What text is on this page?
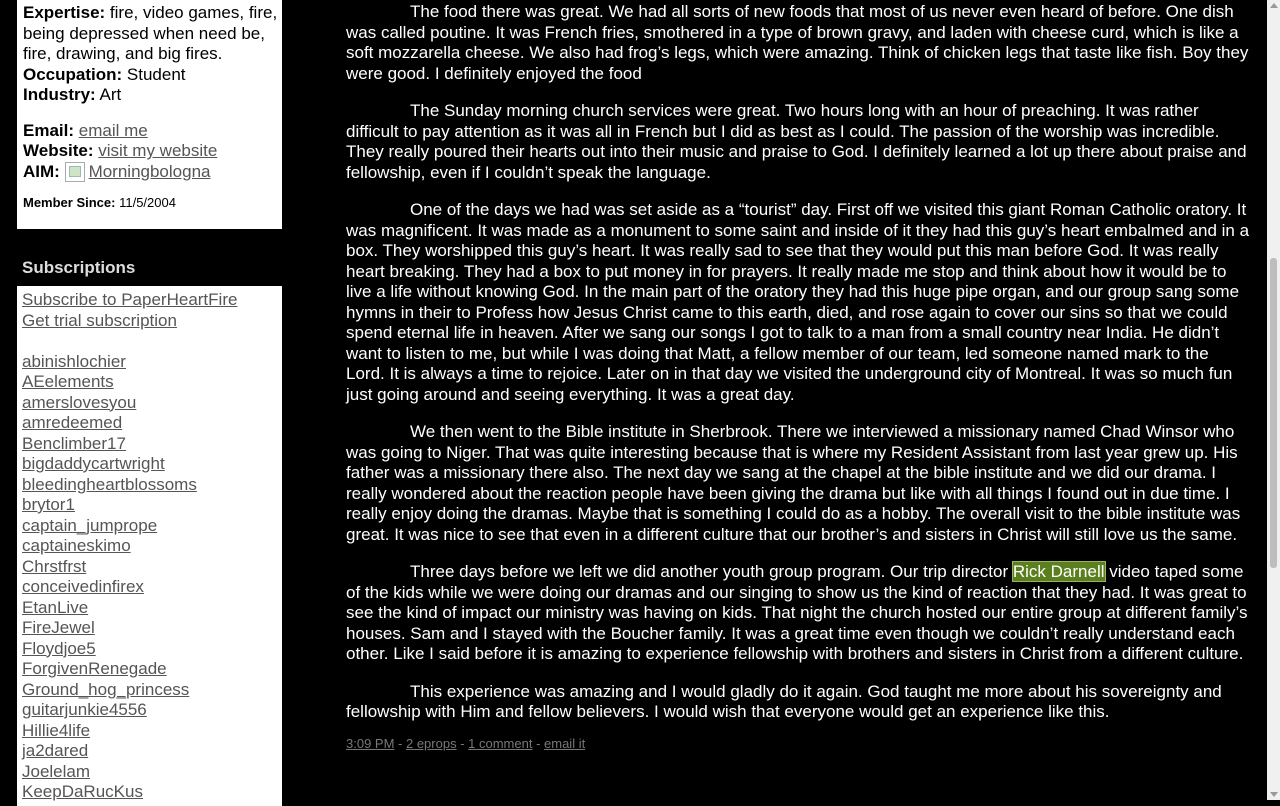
Expertise: fire, video games, fire, being depressed when need be, fire, drawing, and big fires.
Occupation: Student
Industry: Art
Email: email me
Website: visit my website
AIM: Morningbologna
Member Since: 11/5/2004
Subscriptions
Subscribe to PaperHeartFire
Get trial subscription
abinishlochier
AEelements
amerslovesyou
amredeemed
Benclimber17
bigdaddycartwright
bleedingheartblossoms
brytor1
captain_jumprope
captaineskimo
Chrstfrst
conceivedinfirex
EtanLive
FireJewel
Floydjoe5
ForgivenRenegade
Ground_hog_princess
guitarjunkie4556
Hillie4life
ja2dared
Joelelam
KeepDaRucKus

The food there was great. We had all sorts of new foods that most of us never even heard of before. One dish was called poutine. It was French fries, smothered in a type of brown gravy, and laden with cheese curd, which is like a soft mozzarella cheese. We also had frog’s legs, which were amazing. Think of chicken legs that taste like fish. Boy they were good. I definitely enjoyed the food

The Sunday morning church services were great. Two hours long with an hour of preaching. It was rather difficult to pay attention as it was all in French but I did as best as I could. The passion of the worship was incredible. They really poured their hearts out into their music and praise to God. I definitely learned a lot up there about praise and fellowship, even if I couldn’t speak the language.

One of the days we had was set aside as a “tourist” day. First off we visited this giant Roman Catholic oratory. It was magnificent. It was made as a monument to some saint and inside of it they had this guy’s heart embalmed and in a box. They worshipped this guy’s heart. It was really sad to see that they would put this man before God. It was really heart breaking. They had a box to put money in for prayers. It really made me stop and think about how it would be to live a life without knowing God. In the main part of the oratory they had this huge pipe organ, and our group sang some hymns in their to Profess how Jesus Christ came to this earth, died, and rose again to cover our sins so that we could spend eternal life in heaven. After we sang our songs I got to talk to a man from a small country near India. He didn’t want to listen to me, but while I was doing that Matt, a fellow member of our team, led someone named mark to the Lord. It is always a time to rejoice. Later on in that day we visited the underground city of Montreal. It was so much fun just going around and seeing everything. It was a great day.

We then went to the Bible institute in Sherbrook. There we interviewed a missionary named Chad Winsor who was going to Niger. That was quite interesting because that is where my Resident Assistant from last year grew up. His father was a missionary there also. The next day we sang at the chapel at the bible institute and we did our drama. I really wondered about the reaction people have been giving the drama but like with all things I found out in due time. I really enjoy doing the dramas. Maybe that is something I could do as a hobby. The overall visit to the bible institute was great. It was nice to see that even in a different culture that our brother’s and sisters in Christ will still love us the same.

Three days before we left we did another youth group program. Our trip director Rick Darnell video taped some of the kids while we were doing our dramas and our singing to show us the kind of reaction that they had. It was great to see the kind of impact our ministry was having on kids. That night the church hosted our entire group at different family’s houses. Sam and I stayed with the Boucher family. It was a great time even though we couldn’t really understand each other. Like I said before it is amazing to experience fellowship with brothers and sisters in Christ from a different culture.

This experience was amazing and I would gladly do it again. God taught me more about his sovereignty and fellowship with Him and fellow believers. I would wish that everyone would get an experience like this.

3:09 PM - 2 eprops - 1 comment - email it
